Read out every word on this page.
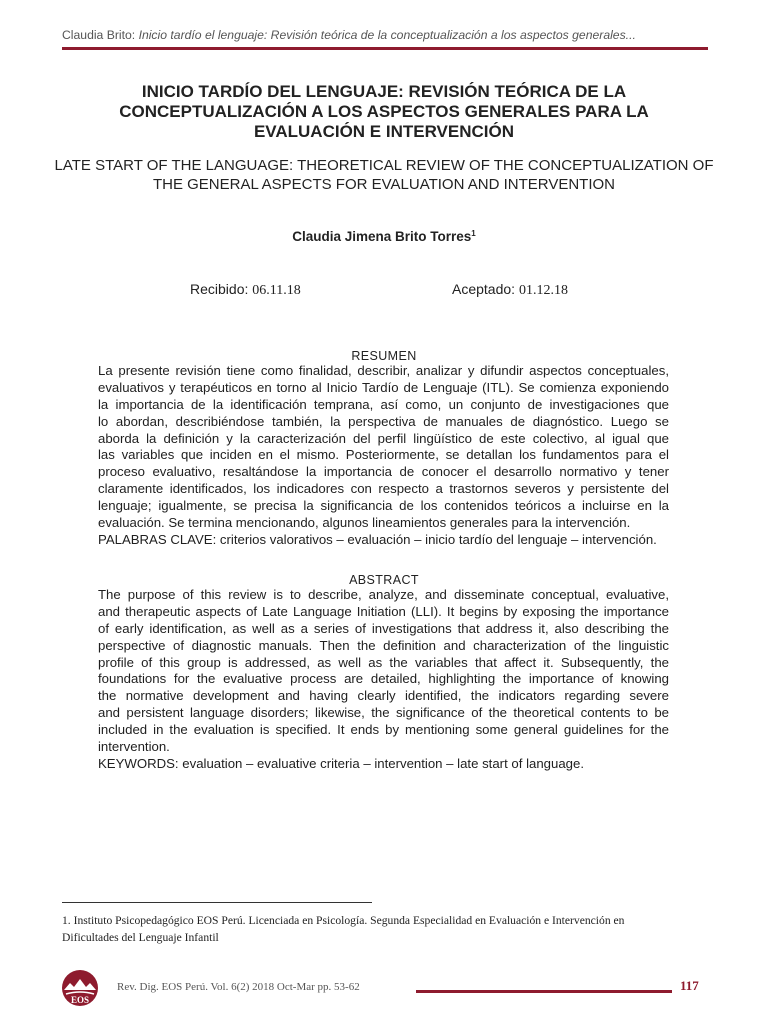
Claudia Brito: Inicio tardío el lenguaje: Revisión teórica de la conceptualización a los aspectos generales...
INICIO TARDÍO DEL LENGUAJE: REVISIÓN TEÓRICA DE LA
CONCEPTUALIZACIÓN A LOS ASPECTOS GENERALES PARA LA
EVALUACIÓN E INTERVENCIÓN
LATE START OF THE LANGUAGE: THEORETICAL REVIEW OF THE CONCEPTUALIZATION OF
THE GENERAL ASPECTS FOR EVALUATION AND INTERVENTION
Claudia Jimena Brito Torres$^1$
Recibido: 06.11.18	Aceptado: 01.12.18
RESUMEN
La presente revisión tiene como finalidad, describir, analizar y difundir aspectos conceptuales,
evaluativos y terapéuticos en torno al Inicio Tardío de Lenguaje (ITL). Se comienza exponiendo
la importancia de la identificación temprana, así como, un conjunto de investigaciones que
lo abordan, describiéndose también, la perspectiva de manuales de diagnóstico. Luego se
aborda la definición y la caracterización del perfil lingüístico de este colectivo, al igual que
las variables que inciden en el mismo. Posteriormente, se detallan los fundamentos para el
proceso evaluativo, resaltándose la importancia de conocer el desarrollo normativo y tener
claramente identificados, los indicadores con respecto a trastornos severos y persistente del
lenguaje; igualmente, se precisa la significancia de los contenidos teóricos a incluirse en la
evaluación. Se termina mencionando, algunos lineamientos generales para la intervención.
PALABRAS CLAVE: criterios valorativos – evaluación – inicio tardío del lenguaje – intervención.
ABSTRACT
The purpose of this review is to describe, analyze, and disseminate conceptual, evaluative,
and therapeutic aspects of Late Language Initiation (LLI). It begins by exposing the importance
of early identification, as well as a series of investigations that address it, also describing the
perspective of diagnostic manuals. Then the definition and characterization of the linguistic
profile of this group is addressed, as well as the variables that affect it. Subsequently, the
foundations for the evaluative process are detailed, highlighting the importance of knowing
the normative development and having clearly identified, the indicators regarding severe
and persistent language disorders; likewise, the significance of the theoretical contents to be
included in the evaluation is specified. It ends by mentioning some general guidelines for the
intervention.
KEYWORDS: evaluation – evaluative criteria – intervention – late start of language.
1. Instituto Psicopedagógico EOS Perú. Licenciada en Psicología. Segunda Especialidad en Evaluación e Intervención en
Dificultades del Lenguaje Infantil
EOS
Rev. Dig. EOS Perú. Vol. 6(2) 2018 Oct-Mar pp. 53-62	117
